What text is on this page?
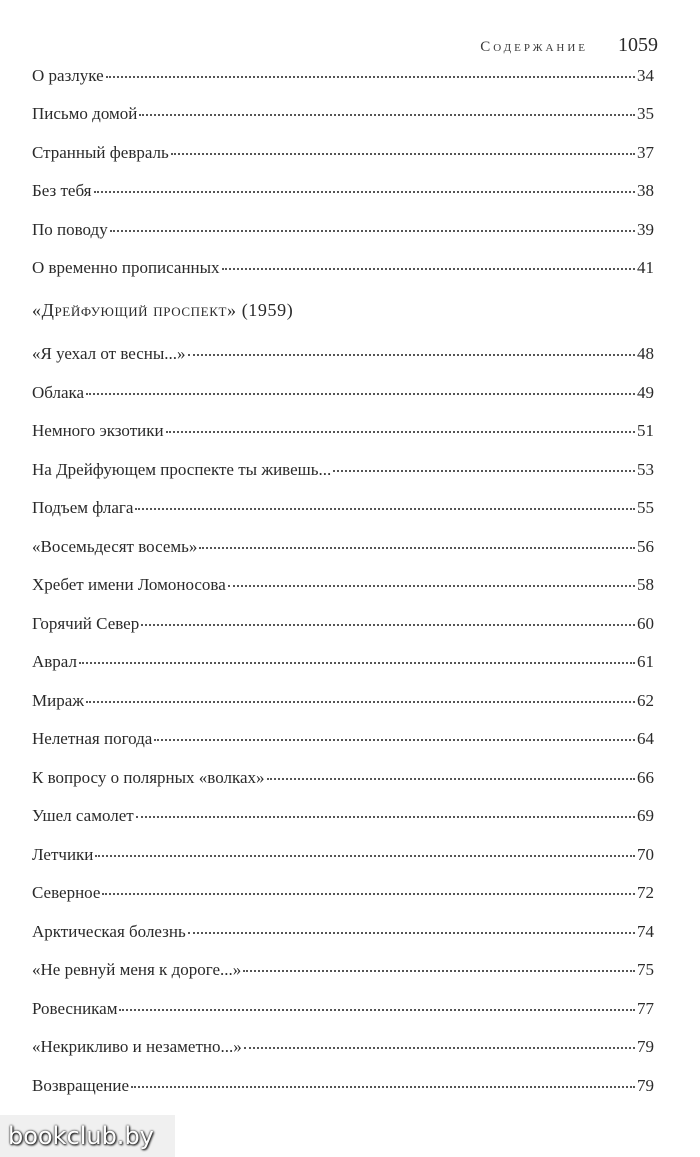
Содержание 1059
«Дрейфующий проспект» (1959)
О разлуке	34
Письмо домой	35
Странный февраль	37
Без тебя	38
По поводу	39
О временно прописанных	41
«Я уехал от весны...»	48
Облака	49
Немного экзотики	51
На Дрейфующем проспекте ты живешь...	53
Подъем флага	55
«Восемьдесят восемь»	56
Хребет имени Ломоносова	58
Горячий Север	60
Аврал	61
Мираж	62
Нелетная погода	64
К вопросу о полярных «волках»	66
Ушел самолет	69
Летчики	70
Северное	72
Арктическая болезнь	74
«Не ревнуй меня к дороге...»	75
Ровесникам	77
«Некрикливо и незаметно...»	79
Возвращение	79
bookclub.by
